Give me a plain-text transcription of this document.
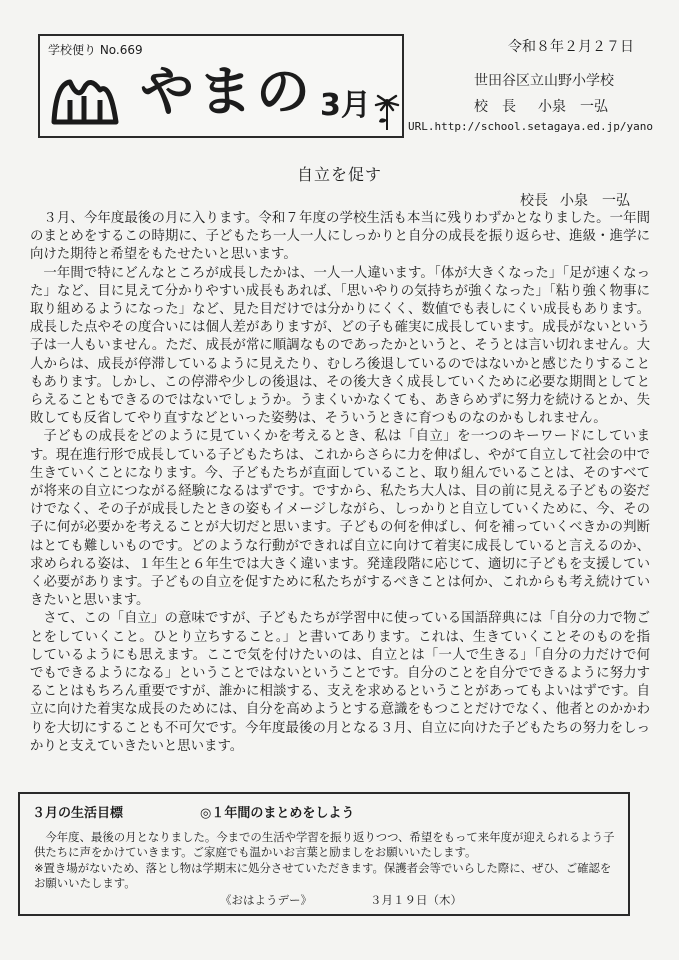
学校便り No.669
やまの 3月
令和８年２月２７日
世田谷区立山野小学校
校　長 小泉　一弘
URL.http://school.setagaya.ed.jp/yano
自立を促す
校長 小泉　一弘

３月、今年度最後の月に入ります。令和７年度の学校生活も本当に残りわずかとなりました。一年間のまとめをするこの時期に、子どもたち一人一人にしっかりと自分の成長を振り返らせ、進級・進学に向けた期待と希望をもたせたいと思います。

一年間で特にどんなところが成長したかは、一人一人違います。「体が大きくなった」「足が速くなった」など、目に見えて分かりやすい成長もあれば、「思いやりの気持ちが強くなった」「粘り強く物事に取り組めるようになった」など、見た目だけでは分かりにくく、数値でも表しにくい成長もあります。成長した点やその度合いには個人差がありますが、どの子も確実に成長しています。成長がないという子は一人もいません。ただ、成長が常に順調なものであったかというと、そうとは言い切れません。大人からは、成長が停滞しているように見えたり、むしろ後退しているのではないかと感じたりすることもあります。しかし、この停滞や少しの後退は、その後大きく成長していくために必要な期間としてとらえることもできるのではないでしょうか。うまくいかなくても、あきらめずに努力を続けるとか、失敗しても反省してやり直すなどといった姿勢は、そういうときに育つものなのかもしれません。

子どもの成長をどのように見ていくかを考えるとき、私は「自立」を一つのキーワードにしています。現在進行形で成長している子どもたちは、これからさらに力を伸ばし、やがて自立して社会の中で生きていくことになります。今、子どもたちが直面していること、取り組んでいることは、そのすべてが将来の自立につながる経験になるはずです。ですから、私たち大人は、目の前に見える子どもの姿だけでなく、その子が成長したときの姿もイメージしながら、しっかりと自立していくために、今、その子に何が必要かを考えることが大切だと思います。子どもの何を伸ばし、何を補っていくべきかの判断はとても難しいものです。どのような行動ができれば自立に向けて着実に成長していると言えるのか、求められる姿は、１年生と６年生では大きく違います。発達段階に応じて、適切に子どもを支援していく必要があります。子どもの自立を促すために私たちがするべきことは何か、これからも考え続けていきたいと思います。

さて、この「自立」の意味ですが、子どもたちが学習中に使っている国語辞典には「自分の力で物ごとをしていくこと。ひとり立ちすること。」と書いてあります。これは、生きていくことそのものを指しているようにも思えます。ここで気を付けたいのは、自立とは「一人で生きる」「自分の力だけで何でもできるようになる」ということではないということです。自分のことを自分でできるように努力することはもちろん重要ですが、誰かに相談する、支えを求めるということがあってもよいはずです。自立に向けた着実な成長のためには、自分を高めようとする意識をもつことだけでなく、他者とのかかわりを大切にすることも不可欠です。今年度最後の月となる３月、自立に向けた子どもたちの努力をしっかりと支えていきたいと思います。

３月の生活目標	◎１年間のまとめをしよう
今年度、最後の月となりました。今までの生活や学習を振り返りつつ、希望をもって来年度が迎えられるよう子供たちに声をかけていきます。ご家庭でも温かいお言葉と励ましをお願いいたします。
※置き場がないため、落とし物は学期末に処分させていただきます。保護者会等でいらした際に、ぜひ、ご確認をお願いいたします。
《おはようデー》	３月１９日（木）
